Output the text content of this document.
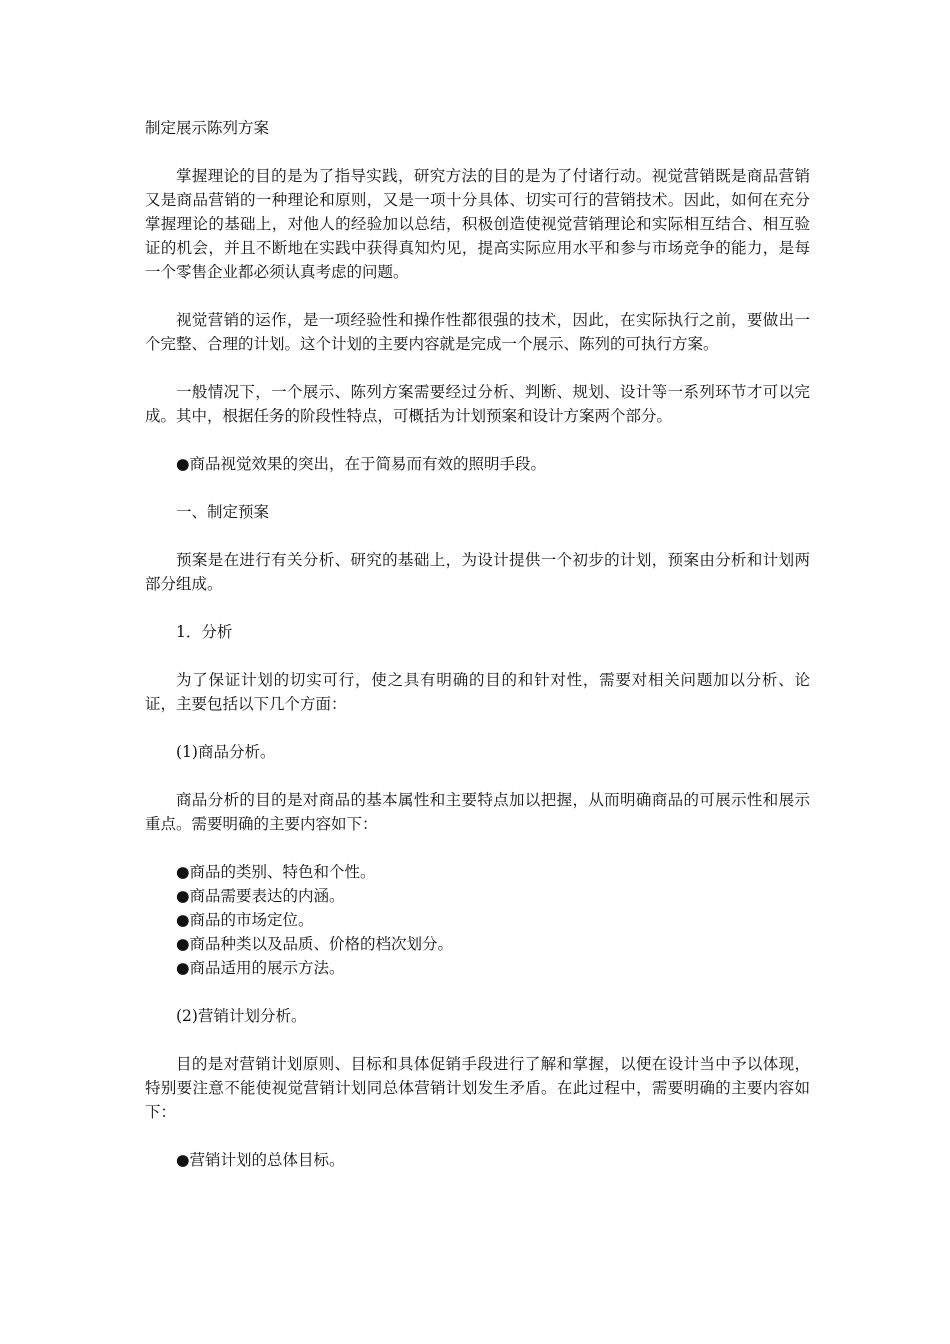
制定展示陈列方案

掌握理论的目的是为了指导实践，研究方法的目的是为了付诸行动。视觉营销既是商品营销又是商品营销的一种理论和原则，又是一项十分具体、切实可行的营销技术。因此，如何在充分掌握理论的基础上，对他人的经验加以总结，积极创造使视觉营销理论和实际相互结合、相互验证的机会，并且不断地在实践中获得真知灼见，提高实际应用水平和参与市场竞争的能力，是每一个零售企业都必须认真考虑的问题。

视觉营销的运作，是一项经验性和操作性都很强的技术，因此，在实际执行之前，要做出一个完整、合理的计划。这个计划的主要内容就是完成一个展示、陈列的可执行方案。

一般情况下，一个展示、陈列方案需要经过分析、判断、规划、设计等一系列环节才可以完成。其中，根据任务的阶段性特点，可概括为计划预案和设计方案两个部分。

●商品视觉效果的突出，在于简易而有效的照明手段。

一、制定预案

预案是在进行有关分析、研究的基础上，为设计提供一个初步的计划，预案由分析和计划两部分组成。

1．分析

为了保证计划的切实可行，使之具有明确的目的和针对性，需要对相关问题加以分析、论证，主要包括以下几个方面：

(1)商品分析。

商品分析的目的是对商品的基本属性和主要特点加以把握，从而明确商品的可展示性和展示重点。需要明确的主要内容如下：

●商品的类别、特色和个性。
●商品需要表达的内涵。
●商品的市场定位。
●商品种类以及品质、价格的档次划分。
●商品适用的展示方法。

(2)营销计划分析。

目的是对营销计划原则、目标和具体促销手段进行了解和掌握，以便在设计当中予以体现，特别要注意不能使视觉营销计划同总体营销计划发生矛盾。在此过程中，需要明确的主要内容如下：

●营销计划的总体目标。
